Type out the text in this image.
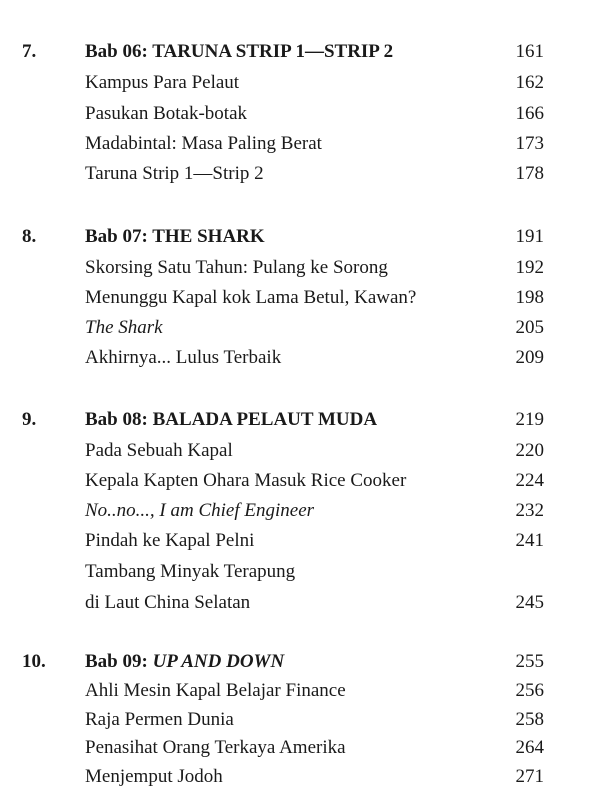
7.	Bab 06: TARUNA STRIP 1—STRIP 2	161
Kampus Para Pelaut	162
Pasukan Botak-botak	166
Madabintal: Masa Paling Berat	173
Taruna Strip 1—Strip 2	178
8.	Bab 07: THE SHARK	191
Skorsing Satu Tahun: Pulang ke Sorong	192
Menunggu Kapal kok Lama Betul, Kawan?	198
The Shark	205
Akhirnya... Lulus Terbaik	209
9.	Bab 08: BALADA PELAUT MUDA	219
Pada Sebuah Kapal	220
Kepala Kapten Ohara Masuk Rice Cooker	224
No..no..., I am Chief Engineer	232
Pindah ke Kapal Pelni	241
Tambang Minyak Terapung
di Laut China Selatan	245
10. Bab 09: UP AND DOWN	255
Ahli Mesin Kapal Belajar Finance	256
Raja Permen Dunia	258
Penasihat Orang Terkaya Amerika	264
Menjemput Jodoh	271
